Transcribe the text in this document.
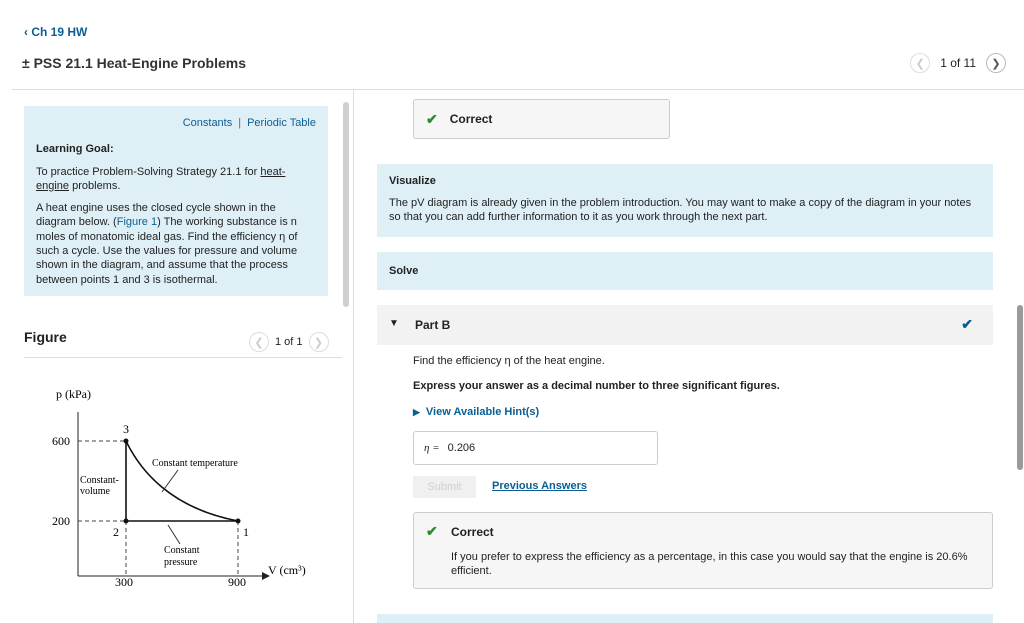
‹ Ch 19 HW
± PSS 21.1 Heat-Engine Problems	❮	1 of 11	❯
Constants | Periodic Table
Learning Goal:

To practice Problem-Solving Strategy 21.1 for heat-engine problems.

A heat engine uses the closed cycle shown in the diagram below. (Figure 1) The working substance is n moles of monatomic ideal gas. Find the efficiency η of such a cycle. Use the values for pressure and volume shown in the diagram, and assume that the process between points 1 and 3 is isothermal.

Figure	❮	1 of 1	❯
p (kPa)
V (cm³)
600
200
300	900
3
2	1
Constant temperature
Constant-
volume
Constant
pressure
✔ Correct
Visualize
The pV diagram is already given in the problem introduction. You may want to make a copy of the diagram in your notes so that you can add further information to it as you work through the next part.
Solve
▼ Part B	✔
Find the efficiency η of the heat engine.
Express your answer as a decimal number to three significant figures.
▶ View Available Hint(s)
η = 0.206
Submit	Previous Answers
✔ Correct
If you prefer to express the efficiency as a percentage, in this case you would say that the engine is 20.6% efficient.
